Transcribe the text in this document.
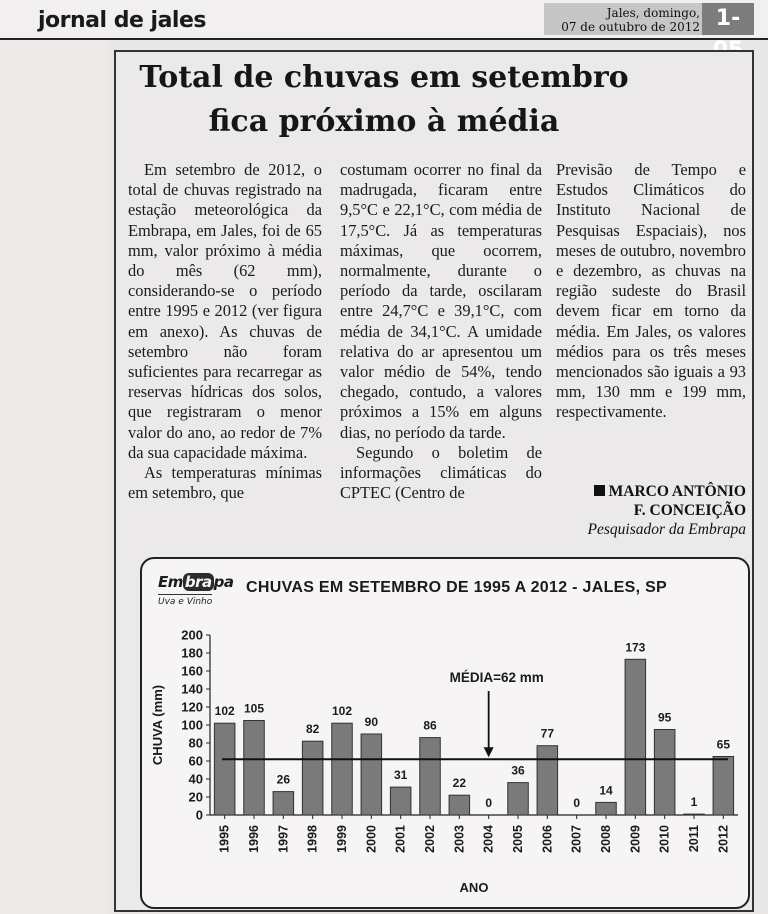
jornal de jales	Jales, domingo,
07 de outubro de 2012 1-
Total de chuvas em setembro
fica próximo à média

Em setembro de 2012, o total de chuvas registrado na estação meteorológica da Embrapa, em Jales, foi de 65 mm, valor próximo à média do mês (62 mm), considerando-se o período entre 1995 e 2012 (ver figura em anexo). As chuvas de setembro não foram suficientes para recarregar as reservas hídricas dos solos, que registraram o menor valor do ano, ao redor de 7% da sua capacidade máxima.

As temperaturas mínimas em setembro, que

costumam ocorrer no final da madrugada, ficaram entre 9,5°C e 22,1°C, com média de 17,5°C. Já as temperaturas máximas, que ocorrem, normalmente, durante o período da tarde, oscilaram entre 24,7°C e 39,1°C, com média de 34,1°C. A umidade relativa do ar apresentou um valor médio de 54%, tendo chegado, contudo, a valores próximos a 15% em alguns dias, no período da tarde.

Segundo o boletim de informações climáticas do CPTEC (Centro de

Previsão de Tempo e Estudos Climáticos do Instituto Nacional de Pesquisas Espaciais), nos meses de outubro, novembro e dezembro, as chuvas na região sudeste do Brasil devem ficar em torno da média. Em Jales, os valores médios para os três meses mencionados são iguais a 93 mm, 130 mm e 199 mm, respectivamente.

MARCO ANTÔNIO
F. CONCEIÇÃO
Pesquisador da Embrapa
Em bra pa
Uva e Vinho
CHUVAS EM SETEMBRO DE 1995 A 2012 - JALES, SP
0
20
40
60
80
100
120
140
160
180
200
CHUVA (mm)	102
1995
105
1996
26
1997
82
1998
102
1999
90
2000
31
2001
86
2002
22
2003
0
2004
36
2005
77
2006
0
2007
14
2008
173
2009
95
2010
1
2011
65
2012
MÉDIA=62 mm
ANO
